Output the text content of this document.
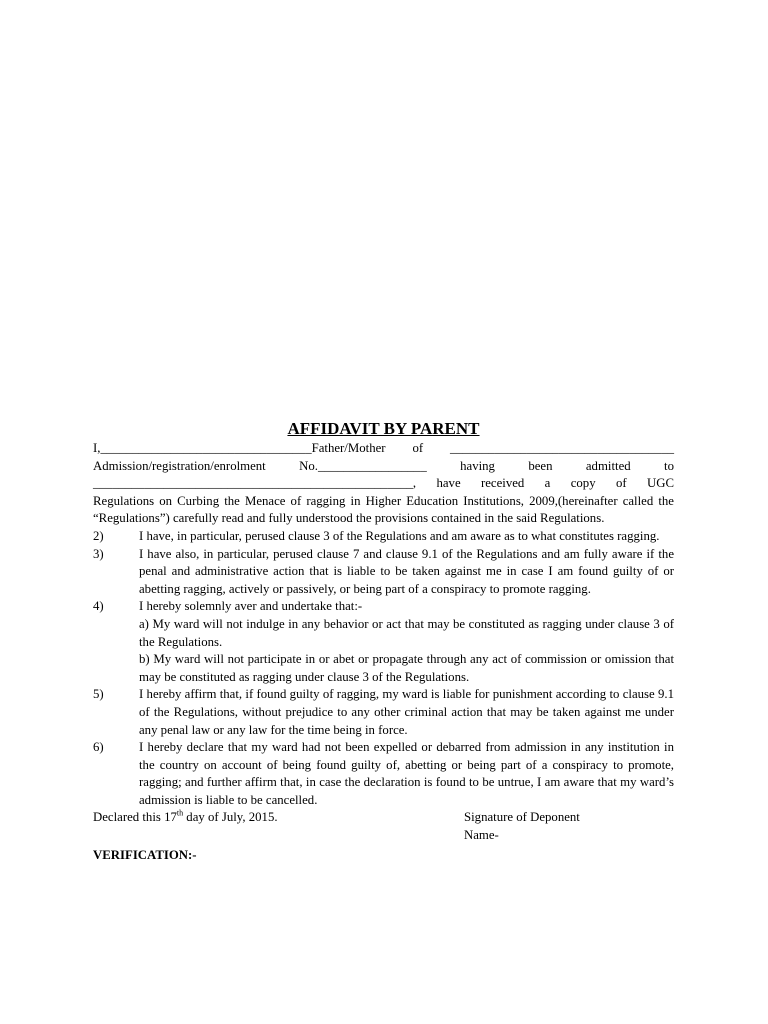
AFFIDAVIT BY PARENT
I,_________________________________Father/Mother of ___________________________________
Admission/registration/enrolment No._________________ having been admitted to
__________________________________________________, have received a copy of UGC
Regulations on Curbing the Menace of ragging in Higher Education Institutions, 2009,(hereinafter called the “Regulations”) carefully read and fully understood the provisions contained in the said Regulations.
2)	I have, in particular, perused clause 3 of the Regulations and am aware as to what constitutes ragging.
3)	I have also, in particular, perused clause 7 and clause 9.1 of the Regulations and am fully aware if the penal and administrative action that is liable to be taken against me in case I am found guilty of or abetting ragging, actively or passively, or being part of a conspiracy to promote ragging.
4)	I hereby solemnly aver and undertake that:-
a) My ward will not indulge in any behavior or act that may be constituted as ragging under clause 3 of the Regulations.
b) My ward will not participate in or abet or propagate through any act of commission or omission that may be constituted as ragging under clause 3 of the Regulations.
5)	I hereby affirm that, if found guilty of ragging, my ward is liable for punishment according to clause 9.1 of the Regulations, without prejudice to any other criminal action that may be taken against me under any penal law or any law for the time being in force.
6)	I hereby declare that my ward had not been expelled or debarred from admission in any institution in the country on account of being found guilty of, abetting or being part of a conspiracy to promote, ragging; and further affirm that, in case the declaration is found to be untrue, I am aware that my ward’s admission is liable to be cancelled.
Declared this 17th day of July, 2015.	Signature of Deponent
Name-
VERIFICATION:-
